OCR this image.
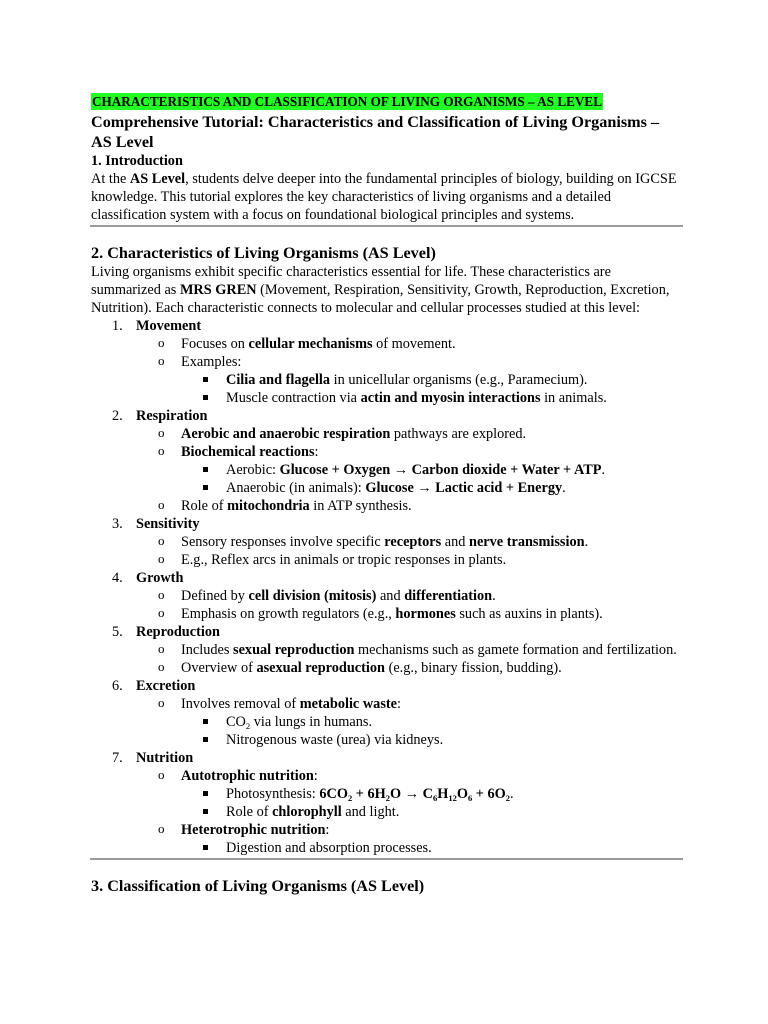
CHARACTERISTICS AND CLASSIFICATION OF LIVING ORGANISMS – AS LEVEL
Comprehensive Tutorial: Characteristics and Classification of Living Organisms – AS Level
1. Introduction

At the AS Level, students delve deeper into the fundamental principles of biology, building on IGCSE knowledge. This tutorial explores the key characteristics of living organisms and a detailed classification system with a focus on foundational biological principles and systems.

2. Characteristics of Living Organisms (AS Level)

Living organisms exhibit specific characteristics essential for life. These characteristics are summarized as MRS GREN (Movement, Respiration, Sensitivity, Growth, Reproduction, Excretion, Nutrition). Each characteristic connects to molecular and cellular processes studied at this level:

1. Movement
o Focuses on cellular mechanisms of movement.
o Examples:
Cilia and flagella in unicellular organisms (e.g., Paramecium).
Muscle contraction via actin and myosin interactions in animals.
2. Respiration
o Aerobic and anaerobic respiration pathways are explored.
o Biochemical reactions:
Aerobic: Glucose + Oxygen → Carbon dioxide + Water + ATP.
Anaerobic (in animals): Glucose → Lactic acid + Energy.
o Role of mitochondria in ATP synthesis.
3. Sensitivity
o Sensory responses involve specific receptors and nerve transmission.
o E.g., Reflex arcs in animals or tropic responses in plants.
4. Growth
o Defined by cell division (mitosis) and differentiation.
o Emphasis on growth regulators (e.g., hormones such as auxins in plants).
5. Reproduction
o Includes sexual reproduction mechanisms such as gamete formation and fertilization.
o Overview of asexual reproduction (e.g., binary fission, budding).
6. Excretion
o Involves removal of metabolic waste:
$CO_2$ via lungs in humans.
Nitrogenous waste (urea) via kidneys.
7. Nutrition
o Autotrophic nutrition:
Photosynthesis: $6CO_2 + 6H_2O \to C_6H_{12}O_6 + 6O_2$.
Role of chlorophyll and light.
o Heterotrophic nutrition:
Digestion and absorption processes.
3. Classification of Living Organisms (AS Level)
